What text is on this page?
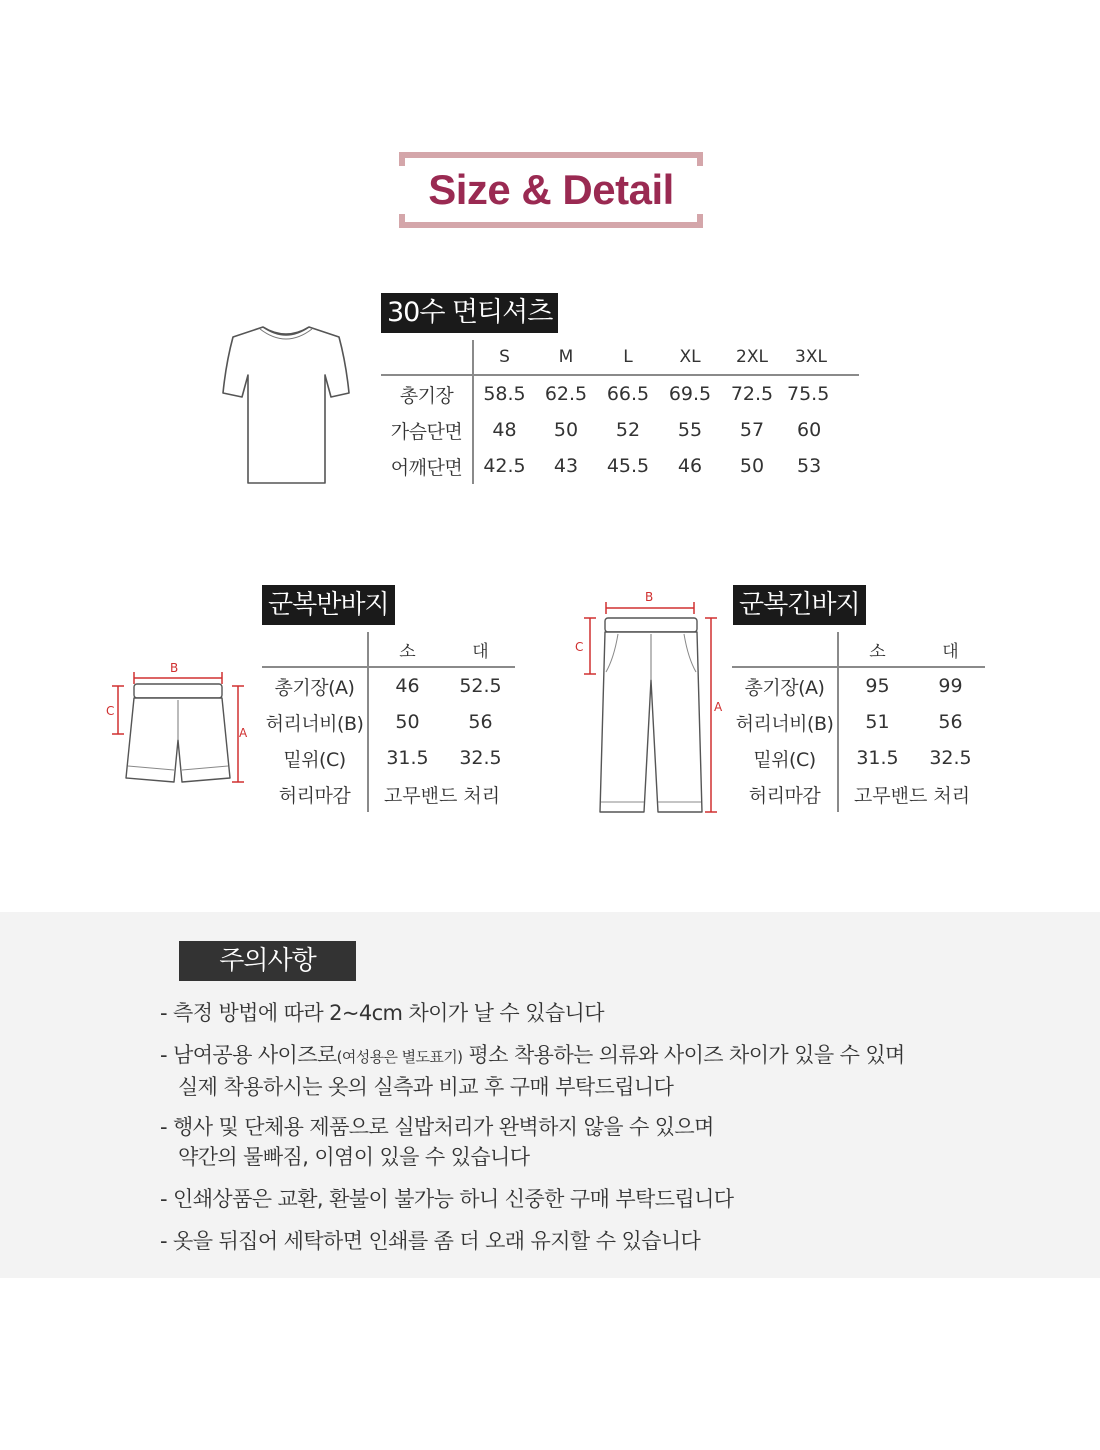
Size & Detail
30수 면티셔츠
	S	M	L	XL	2XL	3XL
총기장	58.5	62.5	66.5	69.5	72.5	75.5
가슴단면	48	50	52	55	57	60
어깨단면	42.5	43	45.5	46	50	53
군복반바지
B
C
A
	소	대
총기장(A)	46	52.5
허리너비(B)	50	56
밑위(C)	31.5	32.5
허리마감	고무밴드 처리	
군복긴바지
B
C
A
	소	대
총기장(A)	95	99
허리너비(B)	51	56
밑위(C)	31.5	32.5
허리마감	고무밴드 처리	
주의사항
- 측정 방법에 따라 2~4cm 차이가 날 수 있습니다
- 남여공용 사이즈로(여성용은 별도표기) 평소 착용하는 의류와 사이즈 차이가 있을 수 있며
실제 착용하시는 옷의 실측과 비교 후 구매 부탁드립니다
- 행사 및 단체용 제품으로 실밥처리가 완벽하지 않을 수 있으며
약간의 물빠짐, 이염이 있을 수 있습니다
- 인쇄상품은 교환, 환불이 불가능 하니 신중한 구매 부탁드립니다
- 옷을 뒤집어 세탁하면 인쇄를 좀 더 오래 유지할 수 있습니다
